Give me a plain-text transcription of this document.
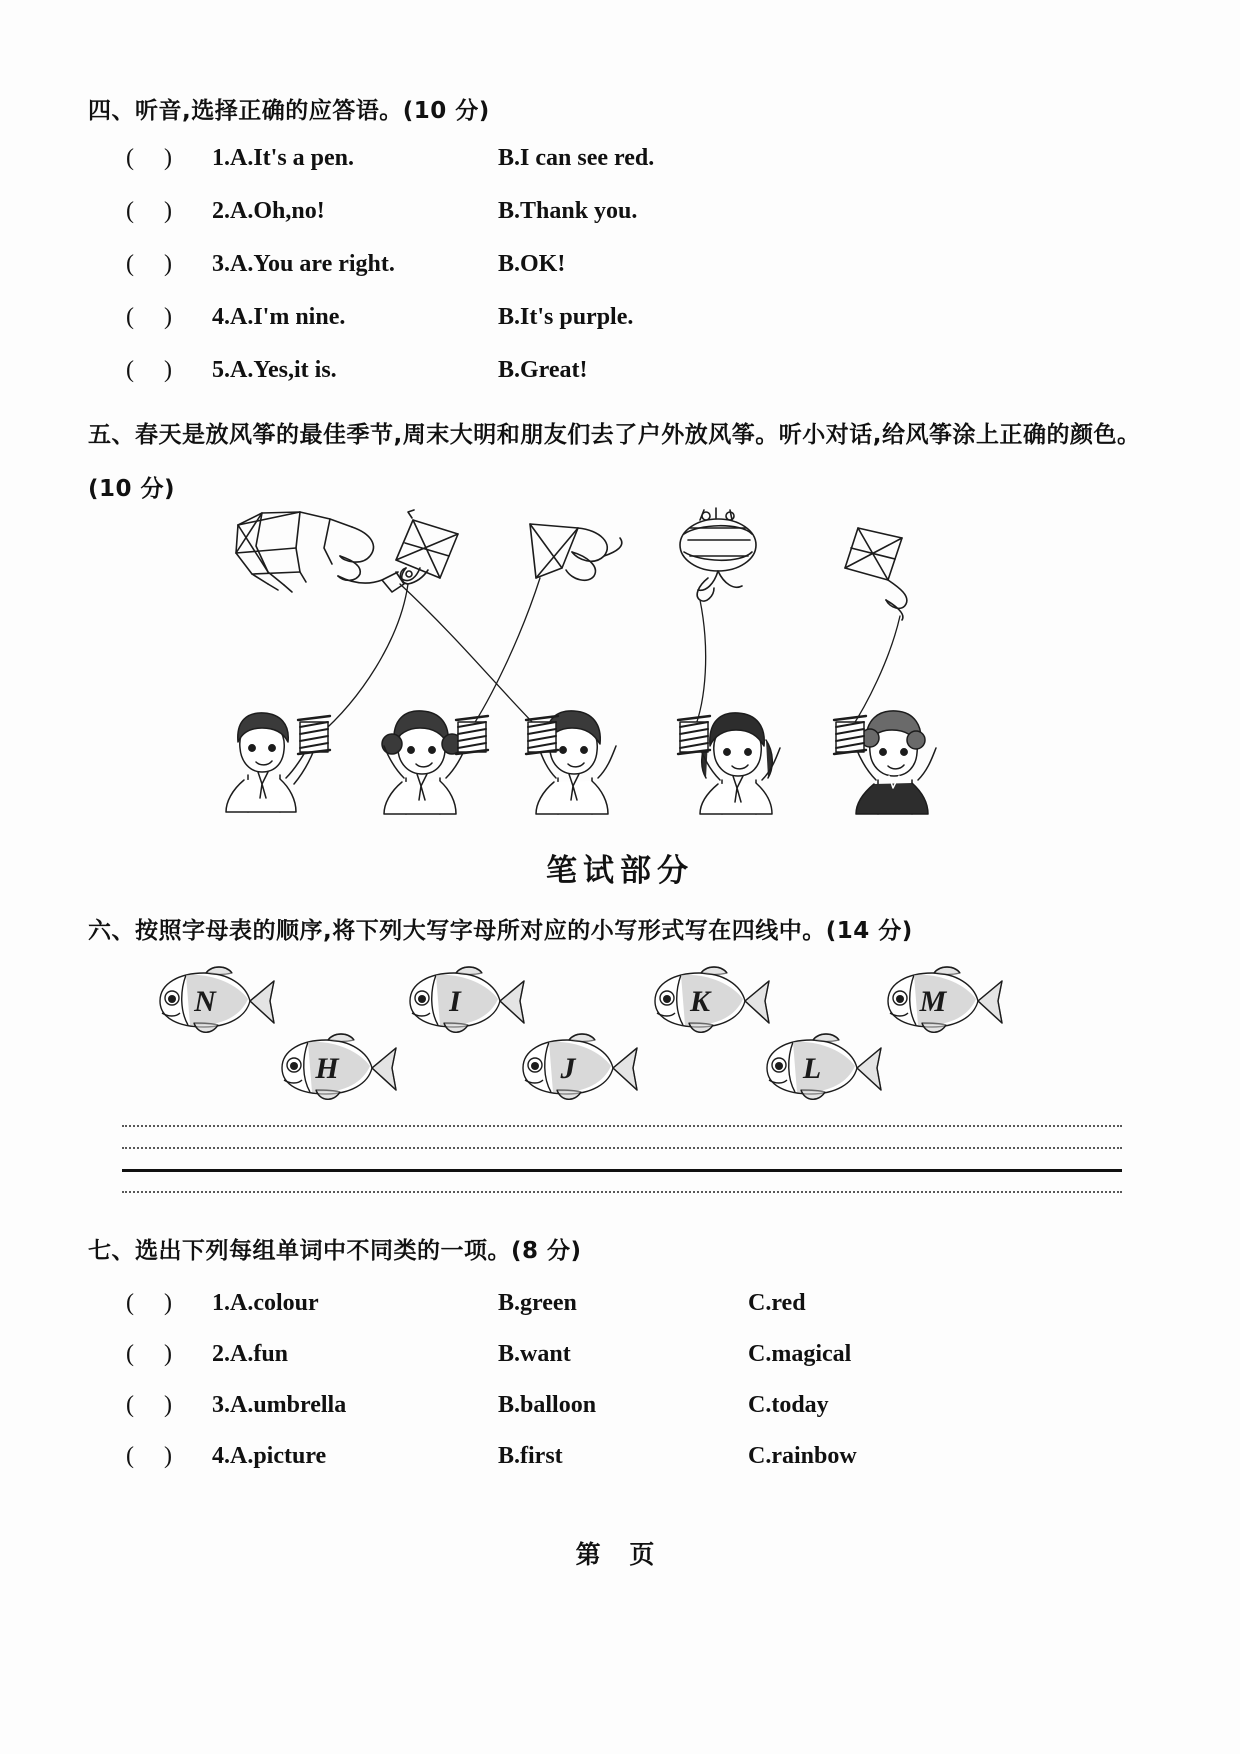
四、听音,选择正确的应答语。(10 分)
(     ) 1.A.It's a pen.	B.I can see red.
(     ) 2.A.Oh,no!	B.Thank you.
(     ) 3.A.You are right.	B.OK!
(     ) 4.A.I'm nine.	B.It's purple.
(     ) 5.A.Yes,it is.	B.Great!
五、春天是放风筝的最佳季节,周末大明和朋友们去了户外放风筝。听小对话,给风筝涂上正确的颜色。(10 分)
笔试部分
六、按照字母表的顺序,将下列大写字母所对应的小写形式写在四线中。(14 分)
N	I	K	M
H	J	L
七、选出下列每组单词中不同类的一项。(8 分)
(     ) 1.A.colour	B.green	C.red
(     ) 2.A.fun	B.want	C.magical
(     ) 3.A.umbrella	B.balloon	C.today
(     ) 4.A.picture	B.first	C.rainbow
第 页
